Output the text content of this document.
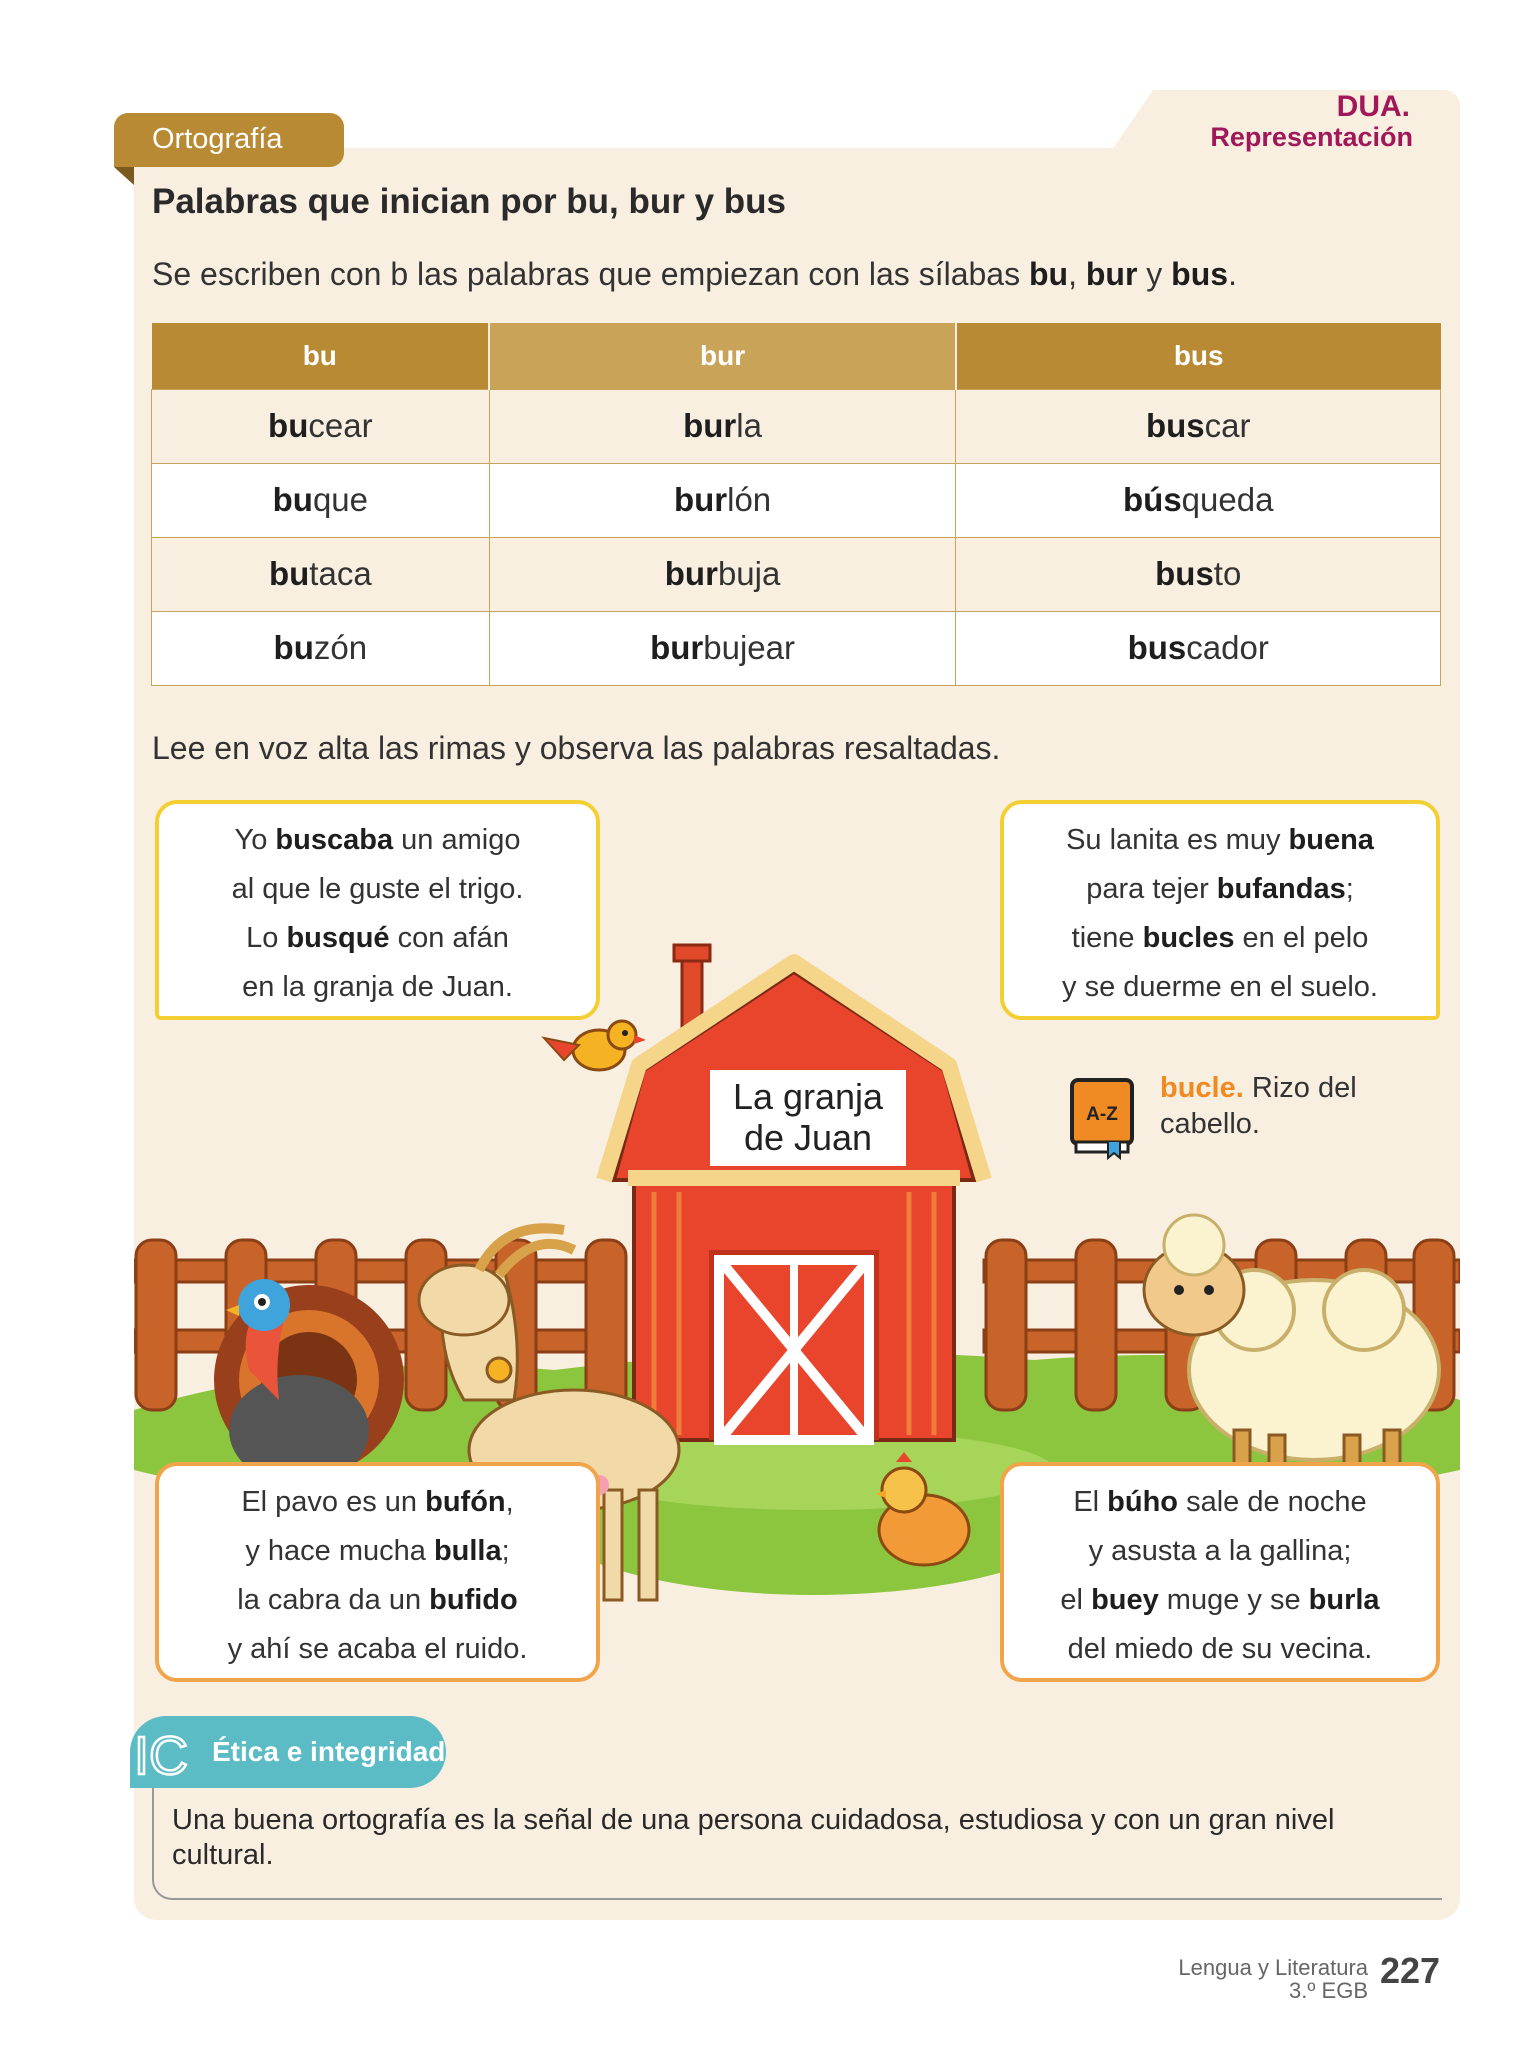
DUA.
Representación
Ortografía
Palabras que inician por bu, bur y bus
Se escriben con b las palabras que empiezan con las sílabas bu, bur y bus.
bu	bur	bus
bucear	burla	buscar
buque	burlón	búsqueda
butaca	burbuja	busto
buzón	burbujear	buscador
Lee en voz alta las rimas y observa las palabras resaltadas.
La granja
de Juan
Yo buscaba un amigo
al que le guste el trigo.
Lo busqué con afán
en la granja de Juan.
Su lanita es muy buena
para tejer bufandas;
tiene bucles en el pelo
y se duerme en el suelo.
El pavo es un bufón,
y hace mucha bulla;
la cabra da un bufido
y ahí se acaba el ruido.
El búho sale de noche
y asusta a la gallina;
el buey muge y se burla
del miedo de su vecina.
A-Z
bucle. Rizo del cabello.
IC Ética e integridad
Una buena ortografía es la señal de una persona cuidadosa, estudiosa y con un gran nivel cultural.
Lengua y Literatura
3.º EGB 227
